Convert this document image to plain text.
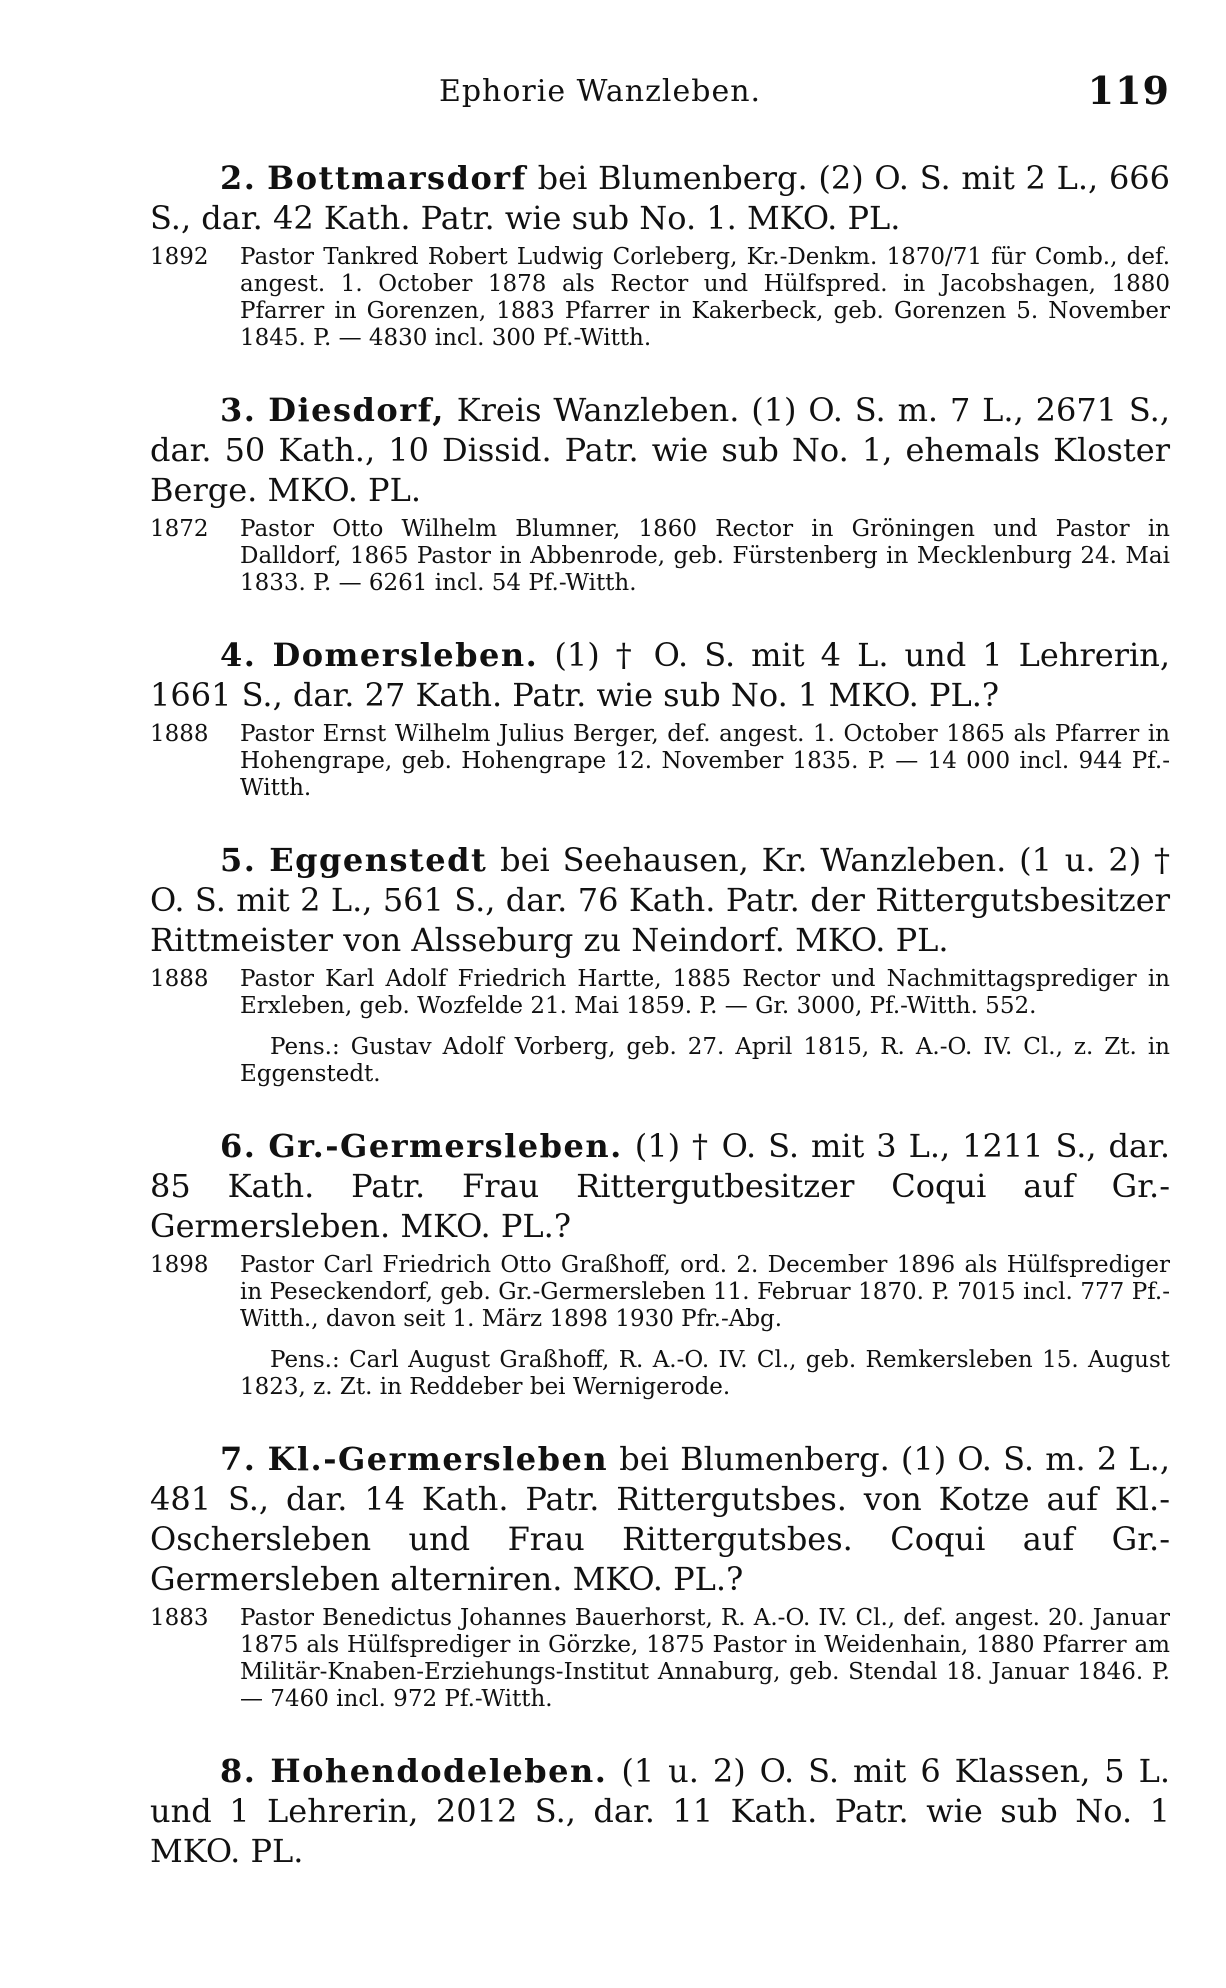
Ephorie Wanzleben.	119

2. Bottmarsdorf bei Blumenberg. (2) O. S. mit 2 L., 666 S., dar. 42 Kath. Patr. wie sub No. 1. MKO. PL.

1892	Pastor Tankred Robert Ludwig Corleberg, Kr.-Denkm. 1870/71 für Comb., def. angest. 1. October 1878 als Rector und Hülfspred. in Jacobshagen, 1880 Pfarrer in Gorenzen, 1883 Pfarrer in Kakerbeck, geb. Gorenzen 5. November 1845. P. — 4830 incl. 300 Pf.-Witth.

3. Diesdorf, Kreis Wanzleben. (1) O. S. m. 7 L., 2671 S., dar. 50 Kath., 10 Dissid. Patr. wie sub No. 1, ehemals Kloster Berge. MKO. PL.

1872	Pastor Otto Wilhelm Blumner, 1860 Rector in Gröningen und Pastor in Dalldorf, 1865 Pastor in Abbenrode, geb. Fürstenberg in Mecklenburg 24. Mai 1833. P. — 6261 incl. 54 Pf.-Witth.

4. Domersleben. (1) † O. S. mit 4 L. und 1 Lehrerin, 1661 S., dar. 27 Kath. Patr. wie sub No. 1 MKO. PL.?

1888	Pastor Ernst Wilhelm Julius Berger, def. angest. 1. October 1865 als Pfarrer in Hohengrape, geb. Hohengrape 12. November 1835. P. — 14 000 incl. 944 Pf.-Witth.

5. Eggenstedt bei Seehausen, Kr. Wanzleben. (1 u. 2) † O. S. mit 2 L., 561 S., dar. 76 Kath. Patr. der Rittergutsbesitzer Rittmeister von Alsseburg zu Neindorf. MKO. PL.

1888	Pastor Karl Adolf Friedrich Hartte, 1885 Rector und Nachmittagsprediger in Erxleben, geb. Wozfelde 21. Mai 1859. P. — Gr. 3000, Pf.-Witth. 552.

Pens.: Gustav Adolf Vorberg, geb. 27. April 1815, R. A.-O. IV. Cl., z. Zt. in Eggenstedt.

6. Gr.-Germersleben. (1) † O. S. mit 3 L., 1211 S., dar. 85 Kath. Patr. Frau Rittergutbesitzer Coqui auf Gr.-Germersleben. MKO. PL.?

1898	Pastor Carl Friedrich Otto Graßhoff, ord. 2. December 1896 als Hülfsprediger in Peseckendorf, geb. Gr.-Germersleben 11. Februar 1870. P. 7015 incl. 777 Pf.-Witth., davon seit 1. März 1898 1930 Pfr.-Abg.

Pens.: Carl August Graßhoff, R. A.-O. IV. Cl., geb. Remkersleben 15. August 1823, z. Zt. in Reddeber bei Wernigerode.

7. Kl.-Germersleben bei Blumenberg. (1) O. S. m. 2 L., 481 S., dar. 14 Kath. Patr. Rittergutsbes. von Kotze auf Kl.-Oschersleben und Frau Rittergutsbes. Coqui auf Gr.-Germersleben alterniren. MKO. PL.?

1883	Pastor Benedictus Johannes Bauerhorst, R. A.-O. IV. Cl., def. angest. 20. Januar 1875 als Hülfsprediger in Görzke, 1875 Pastor in Weidenhain, 1880 Pfarrer am Militär-Knaben-Erziehungs-Institut Annaburg, geb. Stendal 18. Januar 1846. P. — 7460 incl. 972 Pf.-Witth.

8. Hohendodeleben. (1 u. 2) O. S. mit 6 Klassen, 5 L. und 1 Lehrerin, 2012 S., dar. 11 Kath. Patr. wie sub No. 1 MKO. PL.
